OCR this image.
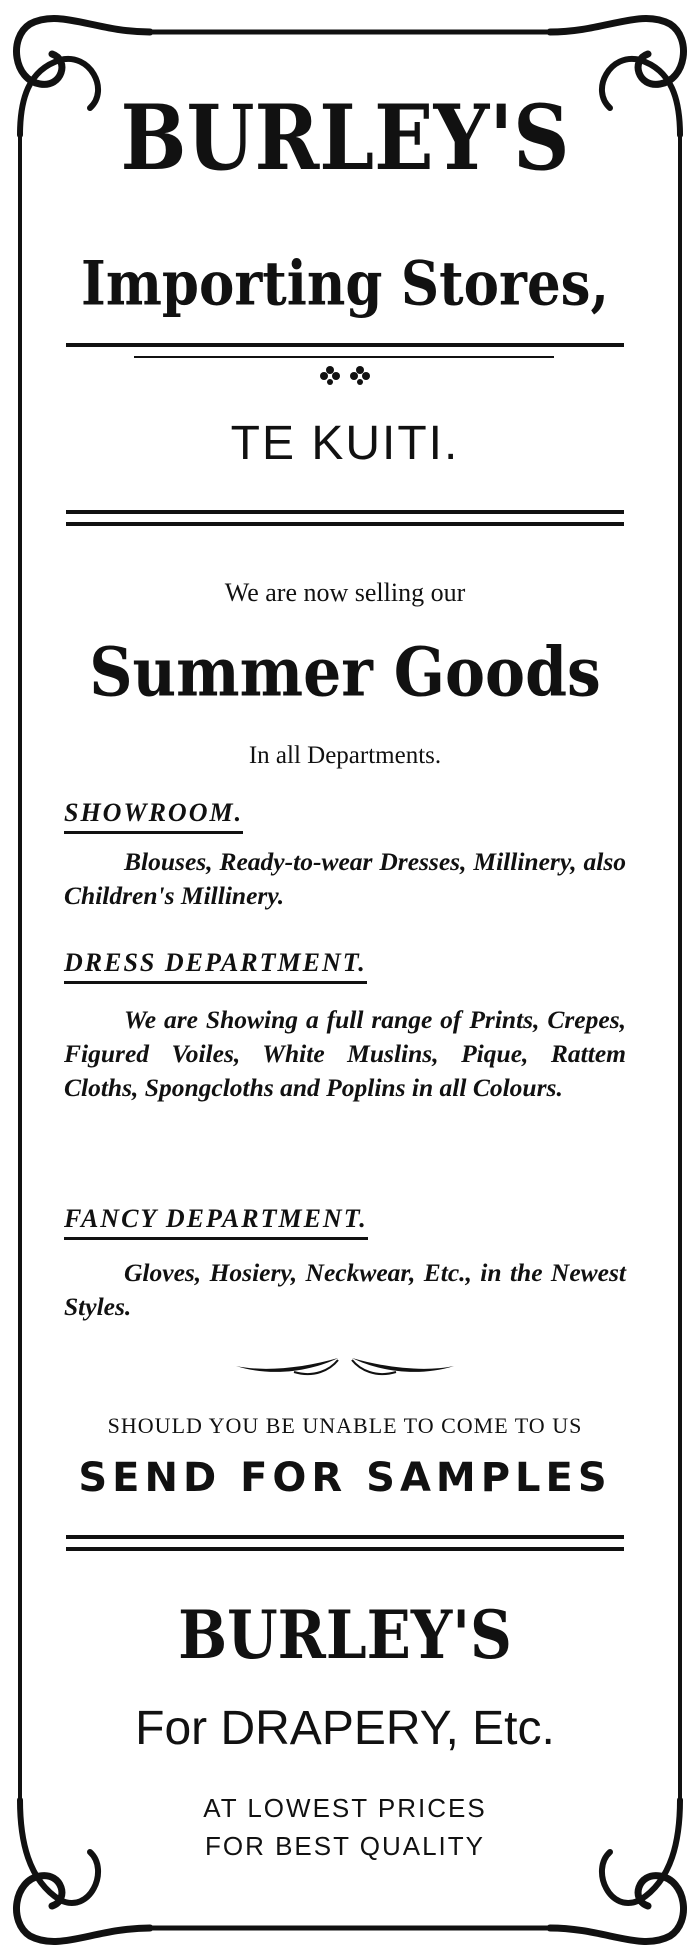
BURLEY'S
Importing Stores,
TE KUITI.
We are now selling our
Summer Goods
In all Departments.
SHOWROOM.
Blouses, Ready-to-wear Dresses, Millinery, also Children's Millinery.
DRESS DEPARTMENT.
We are Showing a full range of Prints, Crepes, Figured Voiles, White Muslins, Pique, Rattem Cloths, Spongcloths and Poplins in all Colours.
FANCY DEPARTMENT.
Gloves, Hosiery, Neckwear, Etc., in the Newest Styles.
SHOULD YOU BE UNABLE TO COME TO US
SEND FOR SAMPLES
BURLEY'S
For DRAPERY, Etc.
AT LOWEST PRICES
FOR BEST QUALITY
